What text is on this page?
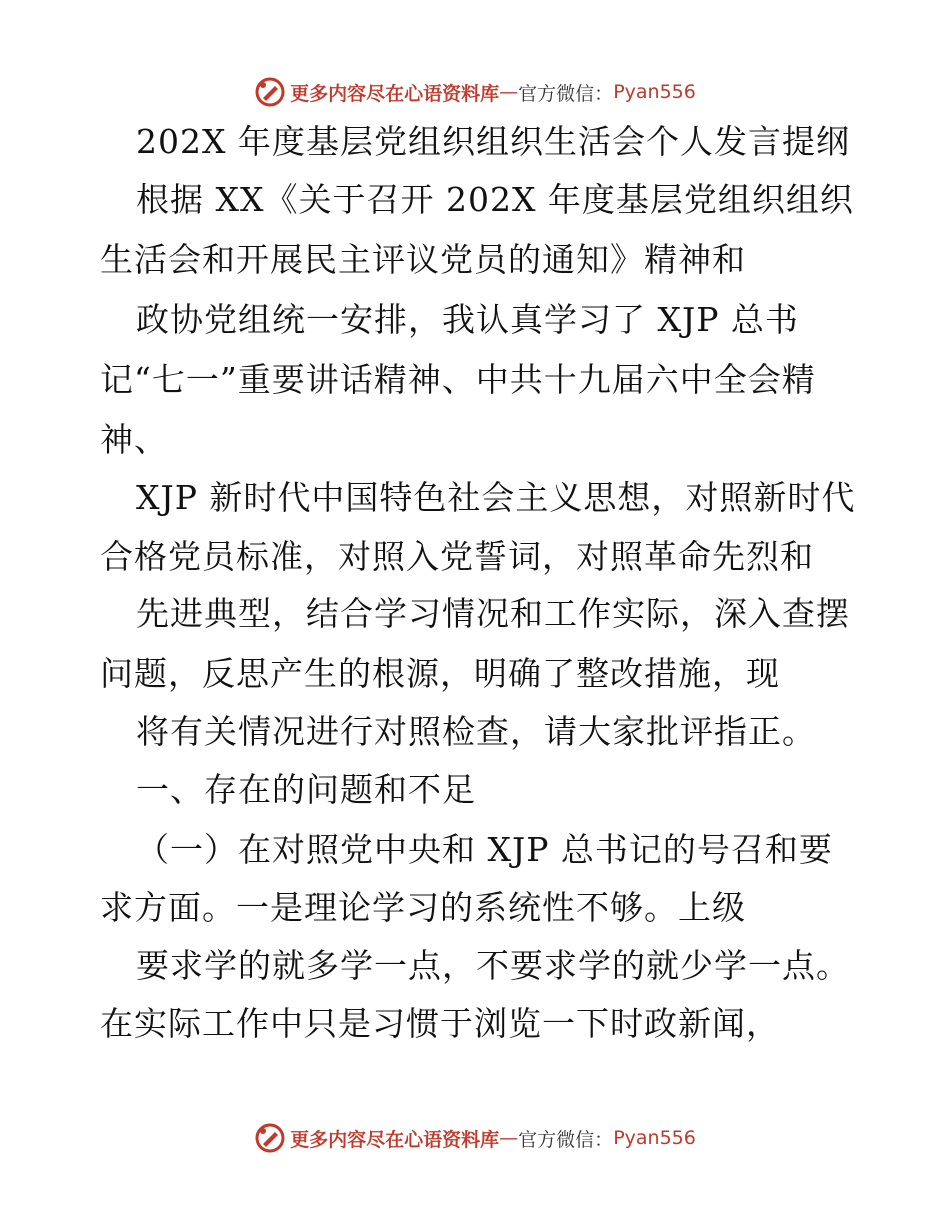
更多内容尽在心语资料库 — 官方微信： Pyan556
202X 年度基层党组织组织生活会个人发言提纲
根据 XX《关于召开 202X 年度基层党组织组织
生活会和开展民主评议党员的通知》精神和
政协党组统一安排，我认真学习了 XJP 总书
记“七一”重要讲话精神、中共十九届六中全会精
神、
XJP 新时代中国特色社会主义思想，对照新时代
合格党员标准，对照入党誓词，对照革命先烈和
先进典型，结合学习情况和工作实际，深入查摆
问题，反思产生的根源，明确了整改措施，现
将有关情况进行对照检查，请大家批评指正。
一、存在的问题和不足
（一）在对照党中央和 XJP 总书记的号召和要
求方面。一是理论学习的系统性不够。上级
要求学的就多学一点，不要求学的就少学一点。
在实际工作中只是习惯于浏览一下时政新闻，
更多内容尽在心语资料库 — 官方微信： Pyan556
